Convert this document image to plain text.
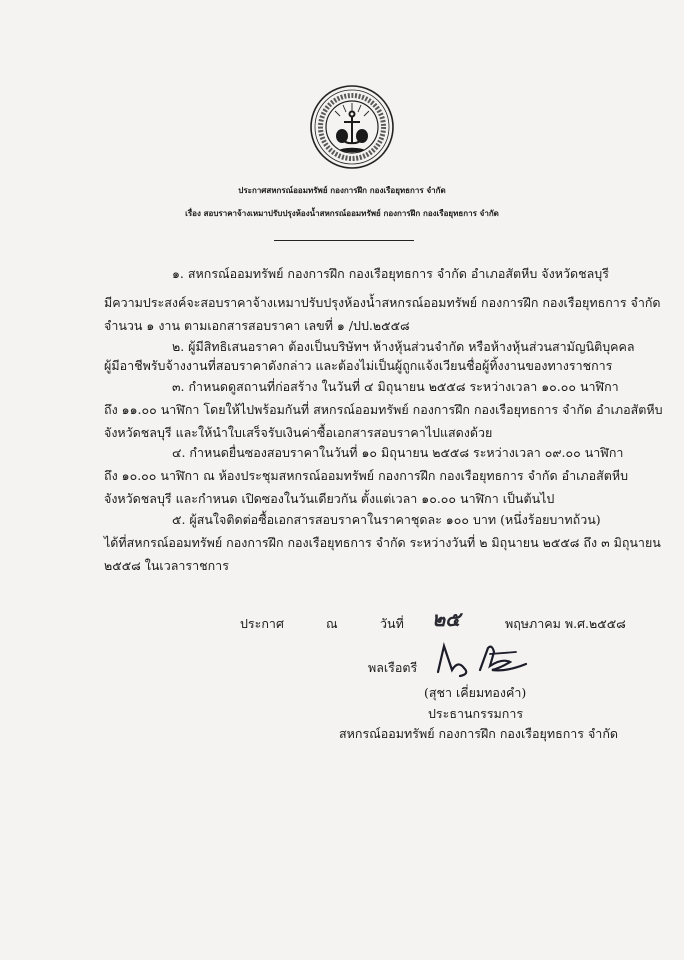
ประกาศสหกรณ์ออมทรัพย์ กองการฝึก กองเรือยุทธการ จำกัด
เรื่อง สอบราคาจ้างเหมาปรับปรุงห้องน้ำสหกรณ์ออมทรัพย์ กองการฝึก กองเรือยุทธการ จำกัด
๑. สหกรณ์ออมทรัพย์ กองการฝึก กองเรือยุทธการ จำกัด อำเภอสัตหีบ จังหวัดชลบุรี
มีความประสงค์จะสอบราคาจ้างเหมาปรับปรุงห้องน้ำสหกรณ์ออมทรัพย์ กองการฝึก กองเรือยุทธการ จำกัด
จำนวน ๑ งาน ตามเอกสารสอบราคา เลขที่ ๑ /ปป.๒๕๕๘
๒. ผู้มีสิทธิเสนอราคา ต้องเป็นบริษัทฯ ห้างหุ้นส่วนจำกัด หรือห้างหุ้นส่วนสามัญนิติบุคคล
ผู้มีอาชีพรับจ้างงานที่สอบราคาดังกล่าว และต้องไม่เป็นผู้ถูกแจ้งเวียนชื่อผู้ทิ้งงานของทางราชการ
๓. กำหนดดูสถานที่ก่อสร้าง ในวันที่ ๔ มิถุนายน ๒๕๕๘ ระหว่างเวลา ๑๐.๐๐ นาฬิกา
ถึง ๑๑.๐๐ นาฬิกา โดยให้ไปพร้อมกันที่ สหกรณ์ออมทรัพย์ กองการฝึก กองเรือยุทธการ จำกัด อำเภอสัตหีบ
จังหวัดชลบุรี และให้นำใบเสร็จรับเงินค่าซื้อเอกสารสอบราคาไปแสดงด้วย
๔. กำหนดยื่นซองสอบราคาในวันที่ ๑๐ มิถุนายน ๒๕๕๘ ระหว่างเวลา ๐๙.๐๐ นาฬิกา
ถึง ๑๐.๐๐ นาฬิกา ณ ห้องประชุมสหกรณ์ออมทรัพย์ กองการฝึก กองเรือยุทธการ จำกัด อำเภอสัตหีบ
จังหวัดชลบุรี และกำหนด เปิดซองในวันเดียวกัน ตั้งแต่เวลา ๑๐.๐๐ นาฬิกา เป็นต้นไป
๕. ผู้สนใจติดต่อซื้อเอกสารสอบราคาในราคาชุดละ ๑๐๐ บาท (หนึ่งร้อยบาทถ้วน)
ได้ที่สหกรณ์ออมทรัพย์ กองการฝึก กองเรือยุทธการ จำกัด ระหว่างวันที่ ๒ มิถุนายน ๒๕๕๘ ถึง ๓ มิถุนายน
๒๕๕๘ ในเวลาราชการ
ประกาศ	ณ	วันที่ ๒๕	พฤษภาคม พ.ศ.๒๕๕๘
พลเรือตรี
(สุชา เคี่ยมทองคำ)
ประธานกรรมการ
สหกรณ์ออมทรัพย์ กองการฝึก กองเรือยุทธการ จำกัด
